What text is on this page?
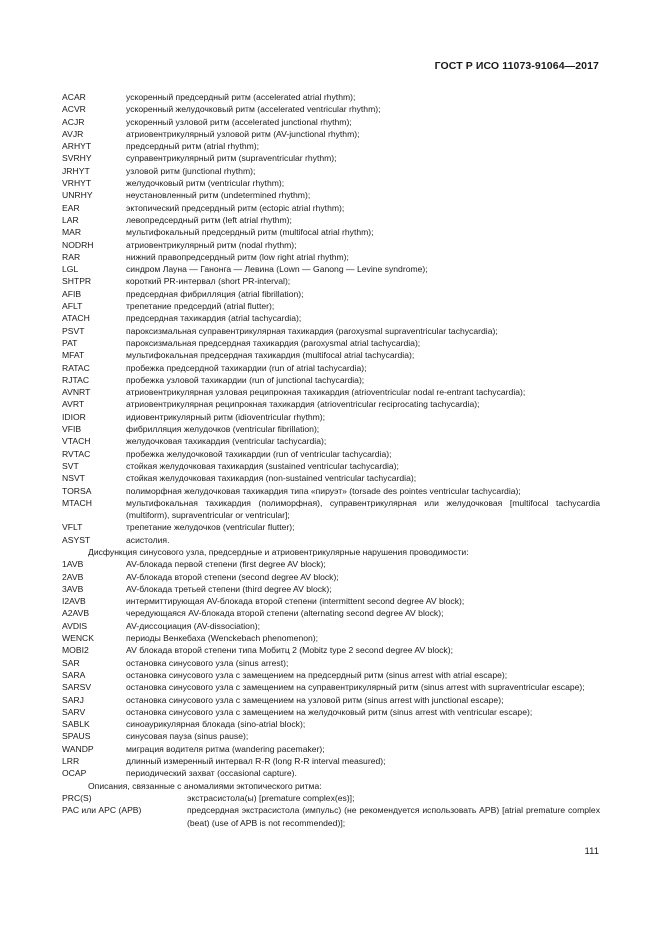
ГОСТ Р ИСО 11073-91064—2017
ACAR	ускоренный предсердный ритм (accelerated atrial rhythm);
ACVR	ускоренный желудочковый ритм (accelerated ventricular rhythm);
ACJR	ускоренный узловой ритм (accelerated junctional rhythm);
AVJR	атриовентрикулярный узловой ритм (AV-junctional rhythm);
ARHYT	предсердный ритм (atrial rhythm);
SVRHY	суправентрикулярный ритм (supraventricular rhythm);
JRHYT	узловой ритм (junctional rhythm);
VRHYT	желудочковый ритм (ventricular rhythm);
UNRHY	неустановленный ритм (undetermined rhythm);
EAR	эктопический предсердный ритм (ectopic atrial rhythm);
LAR	левопредсердный ритм (left atrial rhythm);
MAR	мультифокальный предсердный ритм (multifocal atrial rhythm);
NODRH	атриовентрикулярный ритм (nodal rhythm);
RAR	нижний правопредсердный ритм (low right atrial rhythm);
LGL	синдром Лауна — Ганонга — Левина (Lown — Ganong — Levine syndrome);
SHTPR	короткий PR-интервал (short PR-interval);
AFIB	предсердная фибрилляция (atrial fibrillation);
AFLT	трепетание предсердий (atrial flutter);
ATACH	предсердная тахикардия (atrial tachycardia);
PSVT	пароксизмальная суправентрикулярная тахикардия (paroxysmal supraventricular tachycardia);
PAT	пароксизмальная предсердная тахикардия (paroxysmal atrial tachycardia);
MFAT	мультифокальная предсердная тахикардия (multifocal atrial tachycardia);
RATAC	пробежка предсердной тахикардии (run of atrial tachycardia);
RJTAC	пробежка узловой тахикардии (run of junctional tachycardia);
AVNRT	атриовентрикулярная узловая реципрокная тахикардия (atrioventricular nodal re-entrant tachycardia);
AVRT	атриовентрикулярная реципрокная тахикардия (atrioventricular reciprocating tachycardia);
IDIOR	идиовентрикулярный ритм (idioventricular rhythm);
VFIB	фибрилляция желудочков (ventricular fibrillation);
VTACH	желудочковая тахикардия (ventricular tachycardia);
RVTAC	пробежка желудочковой тахикардии (run of ventricular tachycardia);
SVT	стойкая желудочковая тахикардия (sustained ventricular tachycardia);
NSVT	стойкая желудочковая тахикардия (non-sustained ventricular tachycardia);
TORSA	полиморфная желудочковая тахикардия типа «пируэт» (torsade des pointes ventricular tachycardia);
MTACH	мультифокальная тахикардия (полиморфная), суправентрикулярная или желудочковая [multifocal tachycardia (multiform), supraventricular or ventricular];
VFLT	трепетание желудочков (ventricular flutter);
ASYST	асистолия.
Дисфункция синусового узла, предсердные и атриовентрикулярные нарушения проводимости:
1AVB	AV-блокада первой степени (first degree AV block);
2AVB	AV-блокада второй степени (second degree AV block);
3AVB	AV-блокада третьей степени (third degree AV block);
I2AVB	интермиттирующая AV-блокада второй степени (intermittent second degree AV block);
A2AVB	чередующаяся AV-блокада второй степени (alternating second degree AV block);
AVDIS	AV-диссоциация (AV-dissociation);
WENCK	периоды Венкебаха (Wenckebach phenomenon);
MOBI2	AV блокада второй степени типа Мобитц 2 (Mobitz type 2 second degree AV block);
SAR	остановка синусового узла (sinus arrest);
SARA	остановка синусового узла с замещением на предсердный ритм (sinus arrest with atrial escape);
SARSV	остановка синусового узла с замещением на суправентрикулярный ритм (sinus arrest with supraventricular escape);
SARJ	остановка синусового узла с замещением на узловой ритм (sinus arrest with junctional escape);
SARV	остановка синусового узла с замещением на желудочковый ритм (sinus arrest with ventricular escape);
SABLK	синоаурикулярная блокада (sino-atrial block);
SPAUS	синусовая пауза (sinus pause);
WANDP	миграция водителя ритма (wandering pacemaker);
LRR	длинный измеренный интервал R-R (long R-R interval measured);
OCAP	периодический захват (occasional capture).
Описания, связанные с аномалиями эктопического ритма:
PRC(S)	экстрасистола(ы) [premature complex(es)];
PAC или APC (APB)	предсердная экстрасистола (импульс) (не рекомендуется использовать APB) [atrial premature complex (beat) (use of APB is not recommended)];
111
